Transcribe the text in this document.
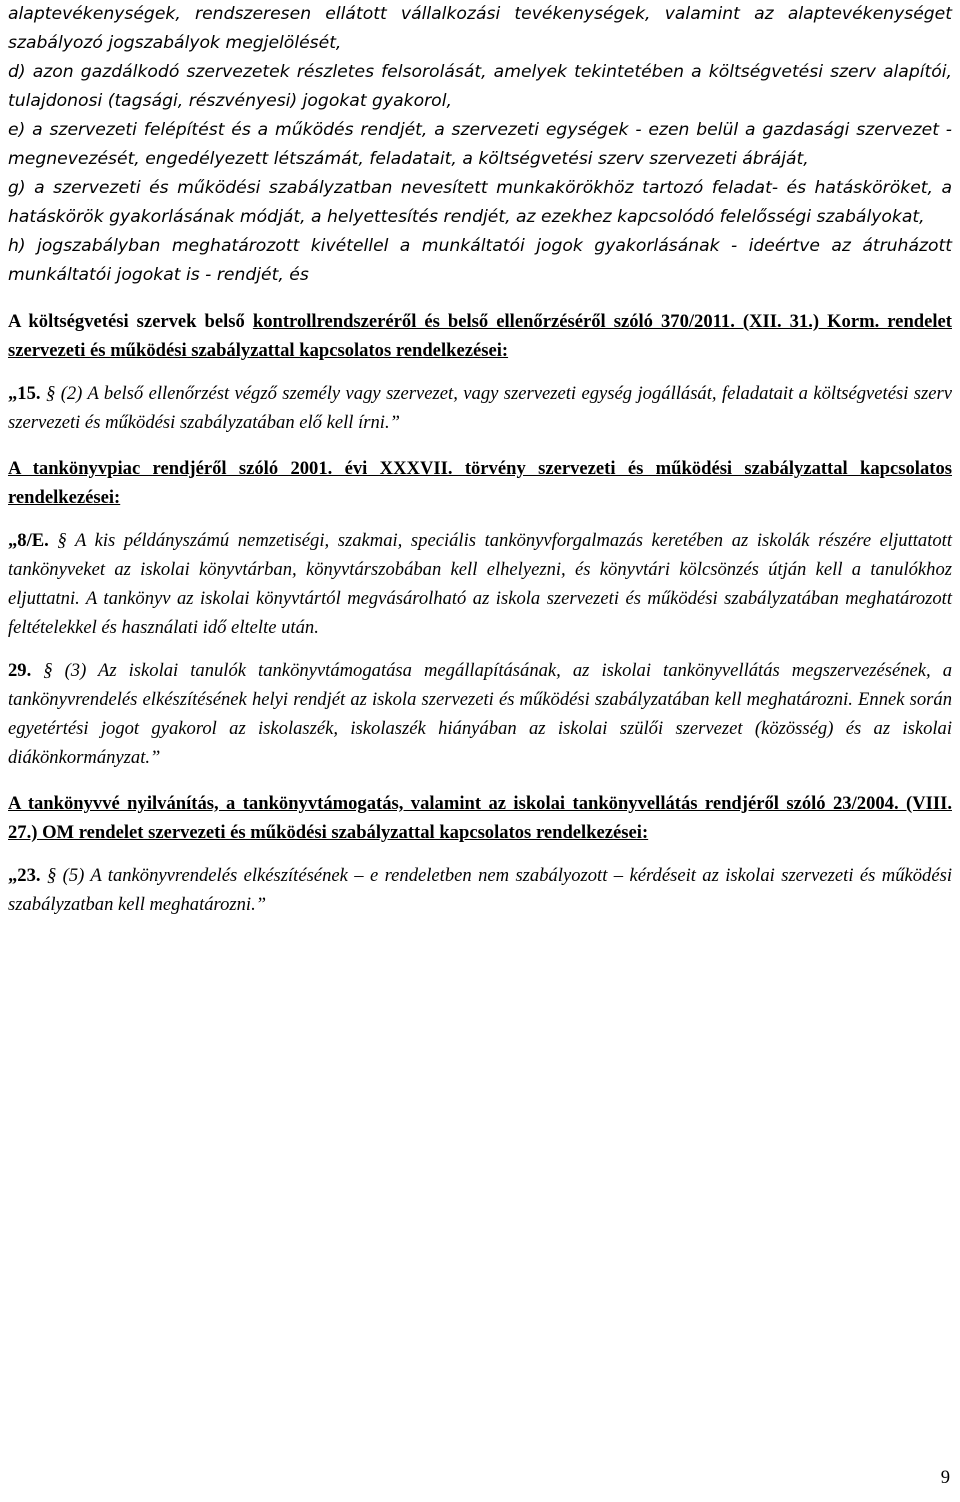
alaptevékenységek, rendszeresen ellátott vállalkozási tevékenységek, valamint az alaptevékenységet szabályozó jogszabályok megjelölését,

d) azon gazdálkodó szervezetek részletes felsorolását, amelyek tekintetében a költségvetési szerv alapítói, tulajdonosi (tagsági, részvényesi) jogokat gyakorol,

e) a szervezeti felépítést és a működés rendjét, a szervezeti egységek - ezen belül a gazdasági szervezet - megnevezését, engedélyezett létszámát, feladatait, a költségvetési szerv szervezeti ábráját,

g) a szervezeti és működési szabályzatban nevesített munkakörökhöz tartozó feladat- és hatásköröket, a hatáskörök gyakorlásának módját, a helyettesítés rendjét, az ezekhez kapcsolódó felelősségi szabályokat,

h) jogszabályban meghatározott kivétellel a munkáltatói jogok gyakorlásának - ideértve az átruházott munkáltatói jogokat is - rendjét, és

A költségvetési szervek belső kontrollrendszeréről és belső ellenőrzéséről szóló 370/2011. (XII. 31.) Korm. rendelet szervezeti és működési szabályzattal kapcsolatos rendelkezései:

„15. § (2) A belső ellenőrzést végző személy vagy szervezet, vagy szervezeti egység jogállását, feladatait a költségvetési szerv szervezeti és működési szabályzatában elő kell írni.”

A tankönyvpiac rendjéről szóló 2001. évi XXXVII. törvény szervezeti és működési szabályzattal kapcsolatos rendelkezései:

„8/E. § A kis példányszámú nemzetiségi, szakmai, speciális tankönyvforgalmazás keretében az iskolák részére eljuttatott tankönyveket az iskolai könyvtárban, könyvtárszobában kell elhelyezni, és könyvtári kölcsönzés útján kell a tanulókhoz eljuttatni. A tankönyv az iskolai könyvtártól megvásárolható az iskola szervezeti és működési szabályzatában meghatározott feltételekkel és használati idő eltelte után.

29. § (3) Az iskolai tanulók tankönyvtámogatása megállapításának, az iskolai tankönyvellátás megszervezésének, a tankönyvrendelés elkészítésének helyi rendjét az iskola szervezeti és működési szabályzatában kell meghatározni. Ennek során egyetértési jogot gyakorol az iskolaszék, iskolaszék hiányában az iskolai szülői szervezet (közösség) és az iskolai diákönkormányzat.”

A tankönyvvé nyilvánítás, a tankönyvtámogatás, valamint az iskolai tankönyvellátás rendjéről szóló 23/2004. (VIII. 27.) OM rendelet szervezeti és működési szabályzattal kapcsolatos rendelkezései:

„23. § (5) A tankönyvrendelés elkészítésének – e rendeletben nem szabályozott – kérdéseit az iskolai szervezeti és működési szabályzatban kell meghatározni.”

9
